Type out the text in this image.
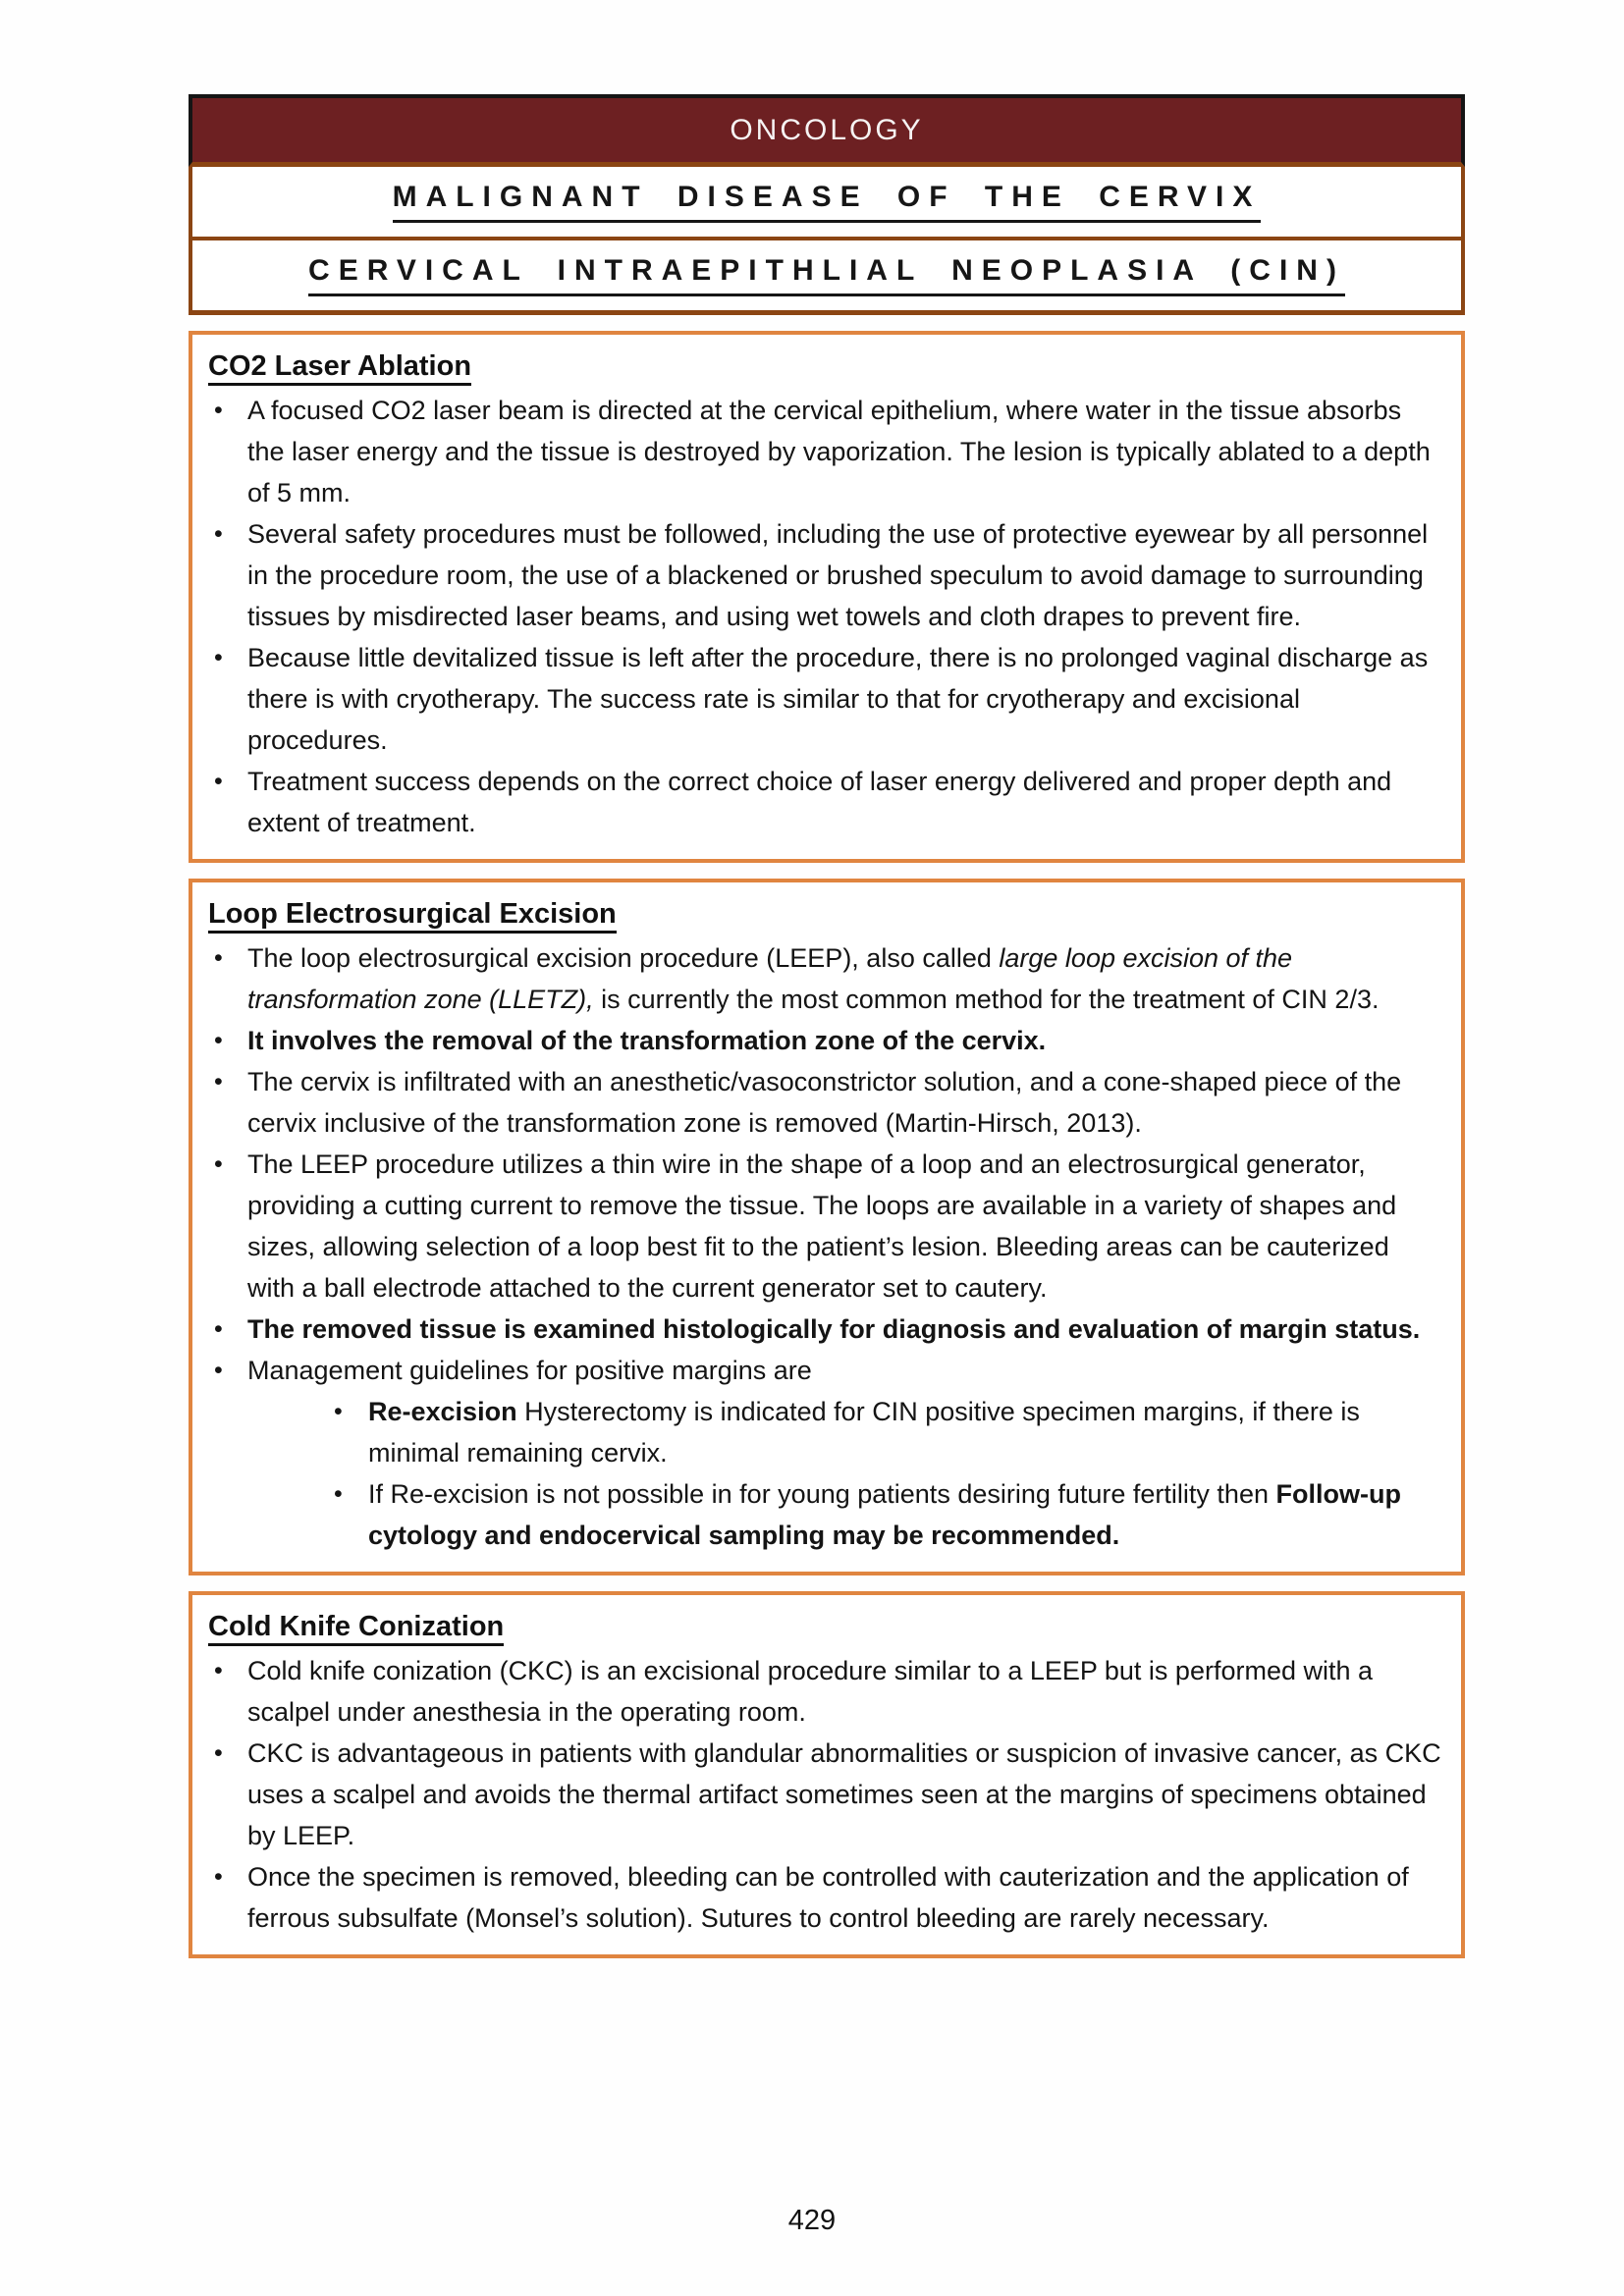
ONCOLOGY
MALIGNANT DISEASE OF THE CERVIX
CERVICAL INTRAEPITHLIAL NEOPLASIA (CIN)
CO2 Laser Ablation
• A focused CO2 laser beam is directed at the cervical epithelium, where water in the tissue absorbs the laser energy and the tissue is destroyed by vaporization. The lesion is typically ablated to a depth of 5 mm.
• Several safety procedures must be followed, including the use of protective eyewear by all personnel in the procedure room, the use of a blackened or brushed speculum to avoid damage to surrounding tissues by misdirected laser beams, and using wet towels and cloth drapes to prevent fire.
• Because little devitalized tissue is left after the procedure, there is no prolonged vaginal discharge as there is with cryotherapy. The success rate is similar to that for cryotherapy and excisional procedures.
• Treatment success depends on the correct choice of laser energy delivered and proper depth and extent of treatment.
Loop Electrosurgical Excision
• The loop electrosurgical excision procedure (LEEP), also called large loop excision of the transformation zone (LLETZ), is currently the most common method for the treatment of CIN 2/3.
• It involves the removal of the transformation zone of the cervix.
• The cervix is infiltrated with an anesthetic/vasoconstrictor solution, and a cone-shaped piece of the cervix inclusive of the transformation zone is removed (Martin-Hirsch, 2013).
• The LEEP procedure utilizes a thin wire in the shape of a loop and an electrosurgical generator, providing a cutting current to remove the tissue. The loops are available in a variety of shapes and sizes, allowing selection of a loop best fit to the patient’s lesion. Bleeding areas can be cauterized with a ball electrode attached to the current generator set to cautery.
• The removed tissue is examined histologically for diagnosis and evaluation of margin status.
• Management guidelines for positive margins are
• Re-excision Hysterectomy is indicated for CIN positive specimen margins, if there is minimal remaining cervix.
• If Re-excision is not possible in for young patients desiring future fertility then Follow-up cytology and endocervical sampling may be recommended.
Cold Knife Conization
• Cold knife conization (CKC) is an excisional procedure similar to a LEEP but is performed with a scalpel under anesthesia in the operating room.
• CKC is advantageous in patients with glandular abnormalities or suspicion of invasive cancer, as CKC uses a scalpel and avoids the thermal artifact sometimes seen at the margins of specimens obtained by LEEP.
• Once the specimen is removed, bleeding can be controlled with cauterization and the application of ferrous subsulfate (Monsel’s solution). Sutures to control bleeding are rarely necessary.
429
